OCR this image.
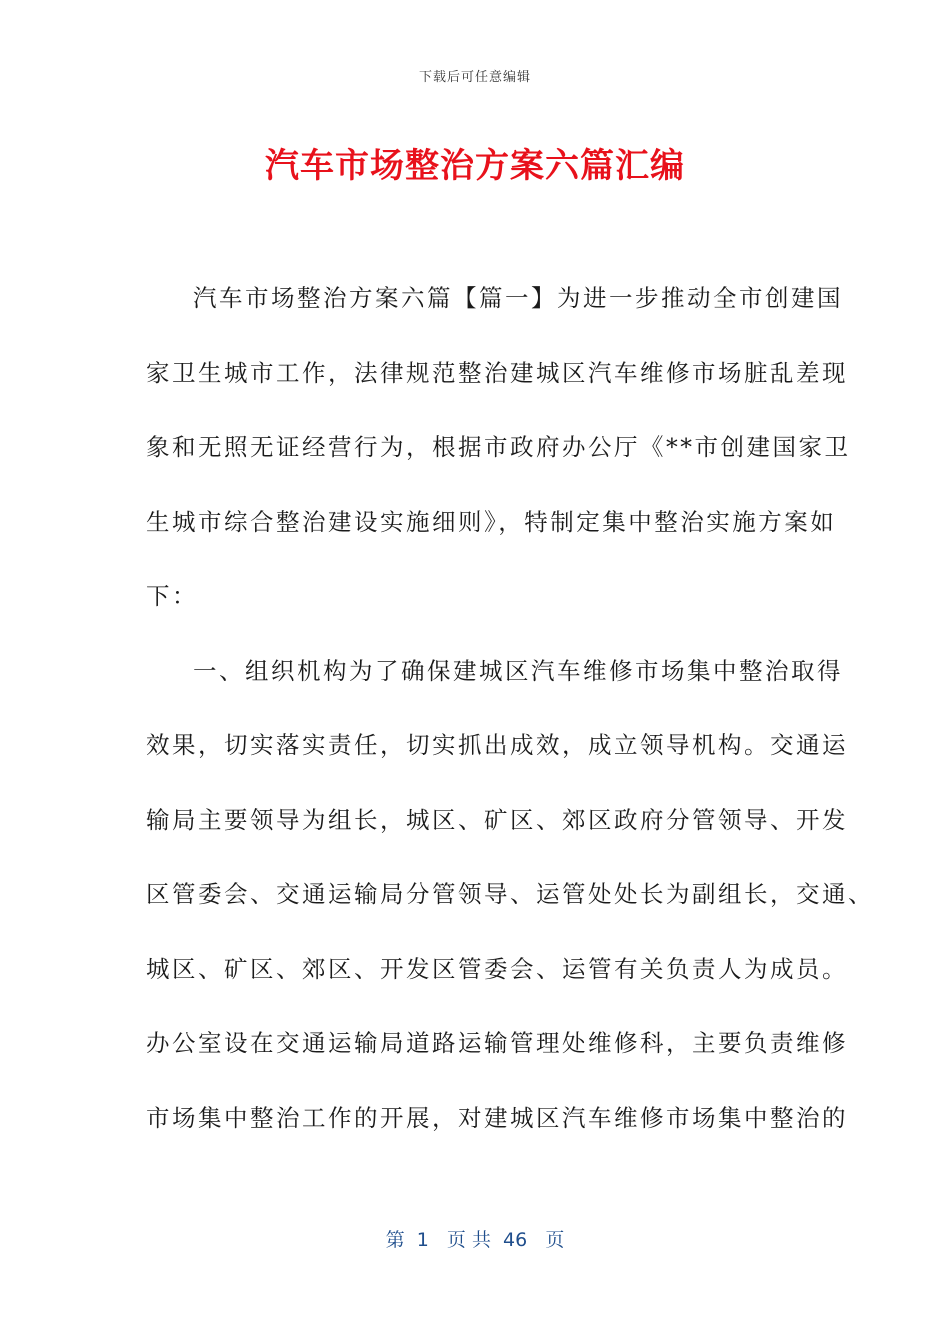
下载后可任意编辑
汽车市场整治方案六篇汇编
汽车市场整治方案六篇【篇一】为进一步推动全市创建国
家卫生城市工作，法律规范整治建城区汽车维修市场脏乱差现
象和无照无证经营行为，根据市政府办公厅《**市创建国家卫
生城市综合整治建设实施细则》，特制定集中整治实施方案如
下：
一、组织机构为了确保建城区汽车维修市场集中整治取得
效果，切实落实责任，切实抓出成效，成立领导机构。交通运
输局主要领导为组长，城区、矿区、郊区政府分管领导、开发
区管委会、交通运输局分管领导、运管处处长为副组长，交通、
城区、矿区、郊区、开发区管委会、运管有关负责人为成员。
办公室设在交通运输局道路运输管理处维修科，主要负责维修
市场集中整治工作的开展，对建城区汽车维修市场集中整治的
第  1   页 共  46   页
